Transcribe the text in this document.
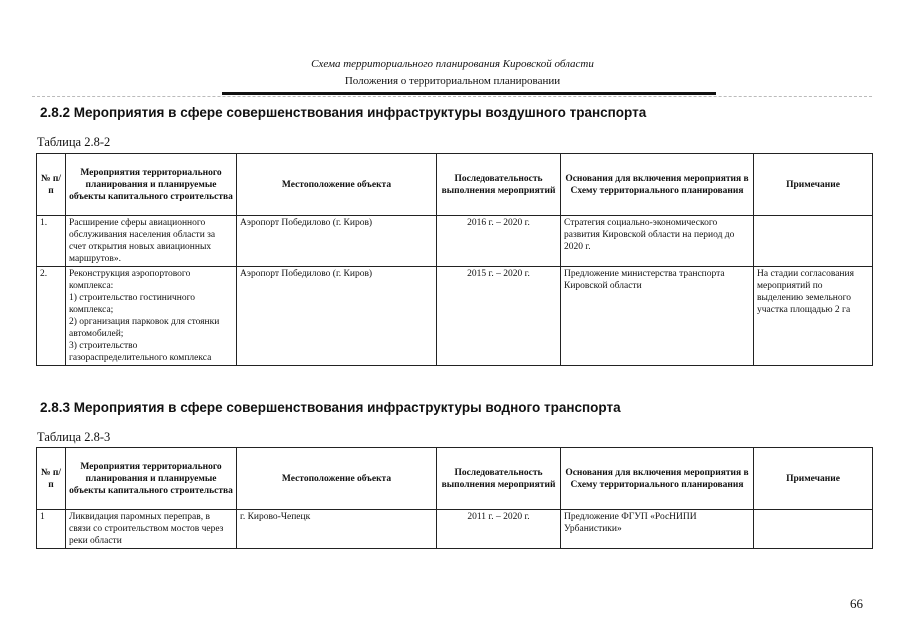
Схема территориального планирования Кировской области
Положения о территориальном планировании
2.8.2 Мероприятия в сфере совершенствования инфраструктуры воздушного транспорта
Таблица 2.8-2
№ п/п	Мероприятия территориального планирования и планируемые объекты капитального строительства	Местоположение объекта	Последовательность выполнения мероприятий	Основания для включения мероприятия в Схему территориального планирования	Примечание
1.	Расширение сферы авиационного обслуживания населения области за счет открытия новых авиационных маршрутов».	Аэропорт Победилово (г. Киров)	2016 г. – 2020 г.	Стратегия социально-экономического развития Кировской области на период до 2020 г.	
2.	Реконструкция аэропортового комплекса:
1) строительство гостиничного комплекса;
2) организация парковок для стоянки автомобилей;
3) строительство газораспределительного комплекса	Аэропорт Победилово (г. Киров)	2015 г. – 2020 г.	Предложение министерства транспорта Кировской области	На стадии согласования мероприятий по выделению земельного участка площадью 2 га
2.8.3 Мероприятия в сфере совершенствования инфраструктуры водного транспорта
Таблица 2.8-3
№ п/п	Мероприятия территориального планирования и планируемые объекты капитального строительства	Местоположение объекта	Последовательность выполнения мероприятий	Основания для включения мероприятия в Схему территориального планирования	Примечание
1	Ликвидация паромных переправ, в связи со строительством мостов через реки области	г. Кирово-Чепецк	2011 г. – 2020 г.	Предложение ФГУП «РосНИПИ Урбанистики»	
66
